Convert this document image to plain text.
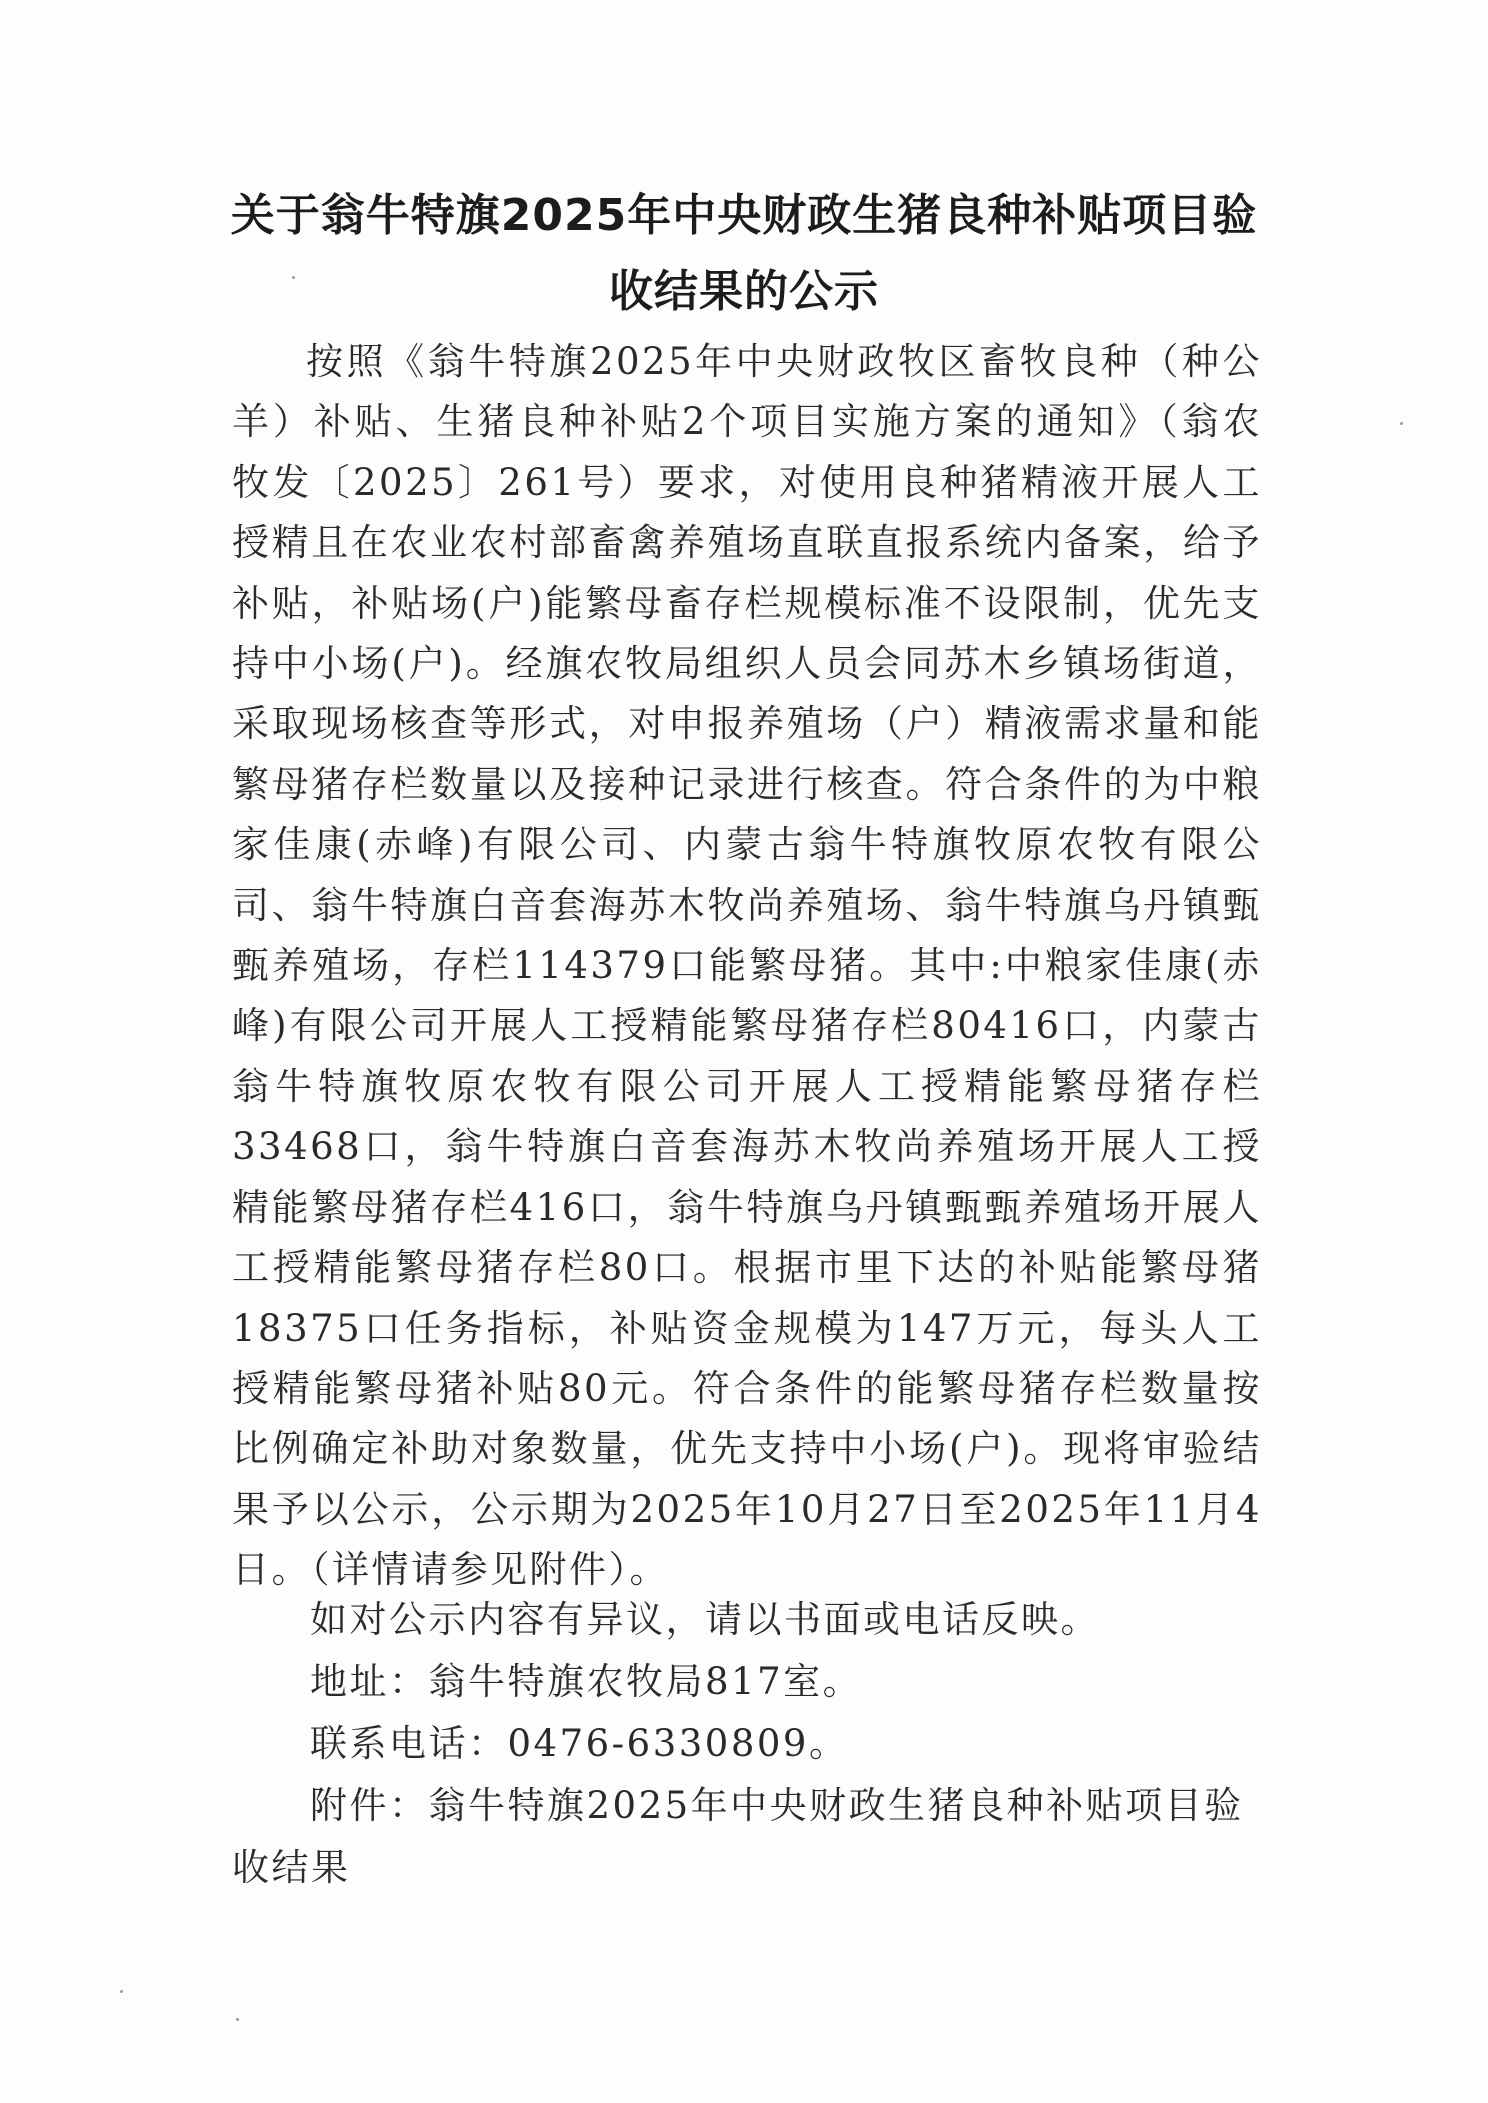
关于翁牛特旗2025年中央财政生猪良种补贴项目验
收结果的公示

按照《翁牛特旗2025年中央财政牧区畜牧良种（种公羊）补贴、生猪良种补贴2个项目实施方案的通知》（翁农牧发〔2025〕261号）要求，对使用良种猪精液开展人工授精且在农业农村部畜禽养殖场直联直报系统内备案，给予补贴，补贴场(户)能繁母畜存栏规模标准不设限制，优先支持中小场(户)。经旗农牧局组织人员会同苏木乡镇场街道，采取现场核查等形式，对申报养殖场（户）精液需求量和能繁母猪存栏数量以及接种记录进行核查。符合条件的为中粮家佳康(赤峰)有限公司、内蒙古翁牛特旗牧原农牧有限公司、翁牛特旗白音套海苏木牧尚养殖场、翁牛特旗乌丹镇甄甄养殖场，存栏114379口能繁母猪。其中:中粮家佳康(赤峰)有限公司开展人工授精能繁母猪存栏80416口，内蒙古翁牛特旗牧原农牧有限公司开展人工授精能繁母猪存栏33468口，翁牛特旗白音套海苏木牧尚养殖场开展人工授精能繁母猪存栏416口，翁牛特旗乌丹镇甄甄养殖场开展人工授精能繁母猪存栏80口。根据市里下达的补贴能繁母猪18375口任务指标，补贴资金规模为147万元，每头人工授精能繁母猪补贴80元。符合条件的能繁母猪存栏数量按比例确定补助对象数量，优先支持中小场(户)。现将审验结果予以公示，公示期为2025年10月27日至2025年11月4日。（详情请参见附件）。

如对公示内容有异议，请以书面或电话反映。
地址：翁牛特旗农牧局817室。
联系电话：0476-6330809。
附件：翁牛特旗2025年中央财政生猪良种补贴项目验
收结果
